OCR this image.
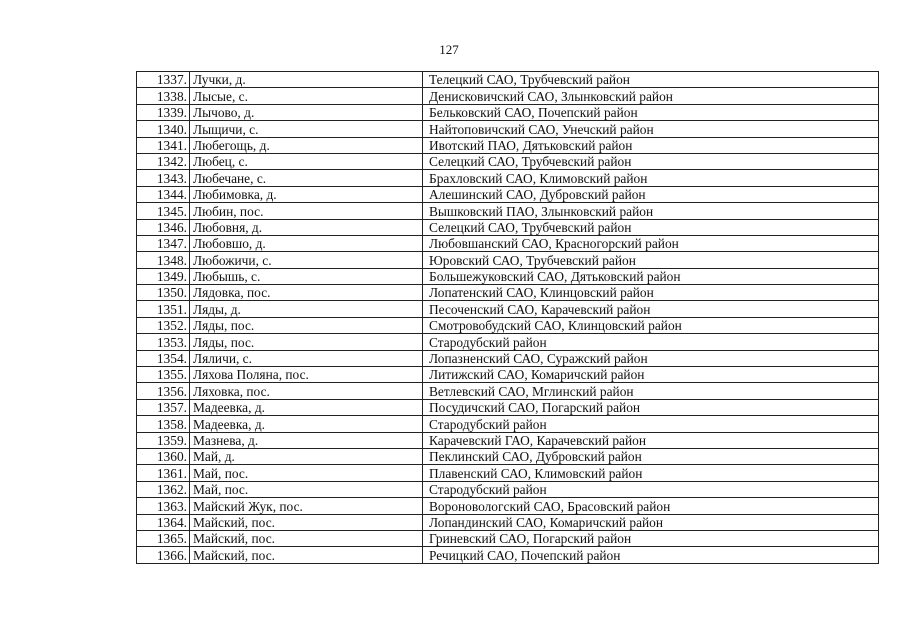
127
1337.	Лучки, д.	Телецкий САО, Трубчевский район
1338.	Лысые, с.	Денисковичский САО, Злынковский район
1339.	Лычово, д.	Бельковский САО, Почепский район
1340.	Лыщичи, с.	Найтоповичский САО, Унечский район
1341.	Любегощь, д.	Ивотский ПАО, Дятьковский район
1342.	Любец, с.	Селецкий САО, Трубчевский район
1343.	Любечане, с.	Брахловский САО, Климовский район
1344.	Любимовка, д.	Алешинский САО, Дубровский район
1345.	Любин, пос.	Вышковский ПАО, Злынковский район
1346.	Любовня, д.	Селецкий САО, Трубчевский район
1347.	Любовшо, д.	Любовшанский САО, Красногорский район
1348.	Любожичи, с.	Юровский САО, Трубчевский район
1349.	Любышь, с.	Большежуковский САО, Дятьковский район
1350.	Лядовка, пос.	Лопатенский САО, Клинцовский район
1351.	Ляды, д.	Песоченский САО, Карачевский район
1352.	Ляды, пос.	Смотровобудский САО, Клинцовский район
1353.	Ляды, пос.	Стародубский район
1354.	Ляличи, с.	Лопазненский САО, Суражский район
1355.	Ляхова Поляна, пос.	Литижский САО, Комаричский район
1356.	Ляховка, пос.	Ветлевский САО, Мглинский район
1357.	Мадеевка, д.	Посудичский САО, Погарский район
1358.	Мадеевка, д.	Стародубский район
1359.	Мазнева, д.	Карачевский ГАО, Карачевский район
1360.	Май, д.	Пеклинский САО, Дубровский район
1361.	Май, пос.	Плавенский САО, Климовский район
1362.	Май, пос.	Стародубский район
1363.	Майский Жук, пос.	Вороновологский САО, Брасовский район
1364.	Майский, пос.	Лопандинский САО, Комаричский район
1365.	Майский, пос.	Гриневский САО, Погарский район
1366.	Майский, пос.	Речицкий САО, Почепский район
